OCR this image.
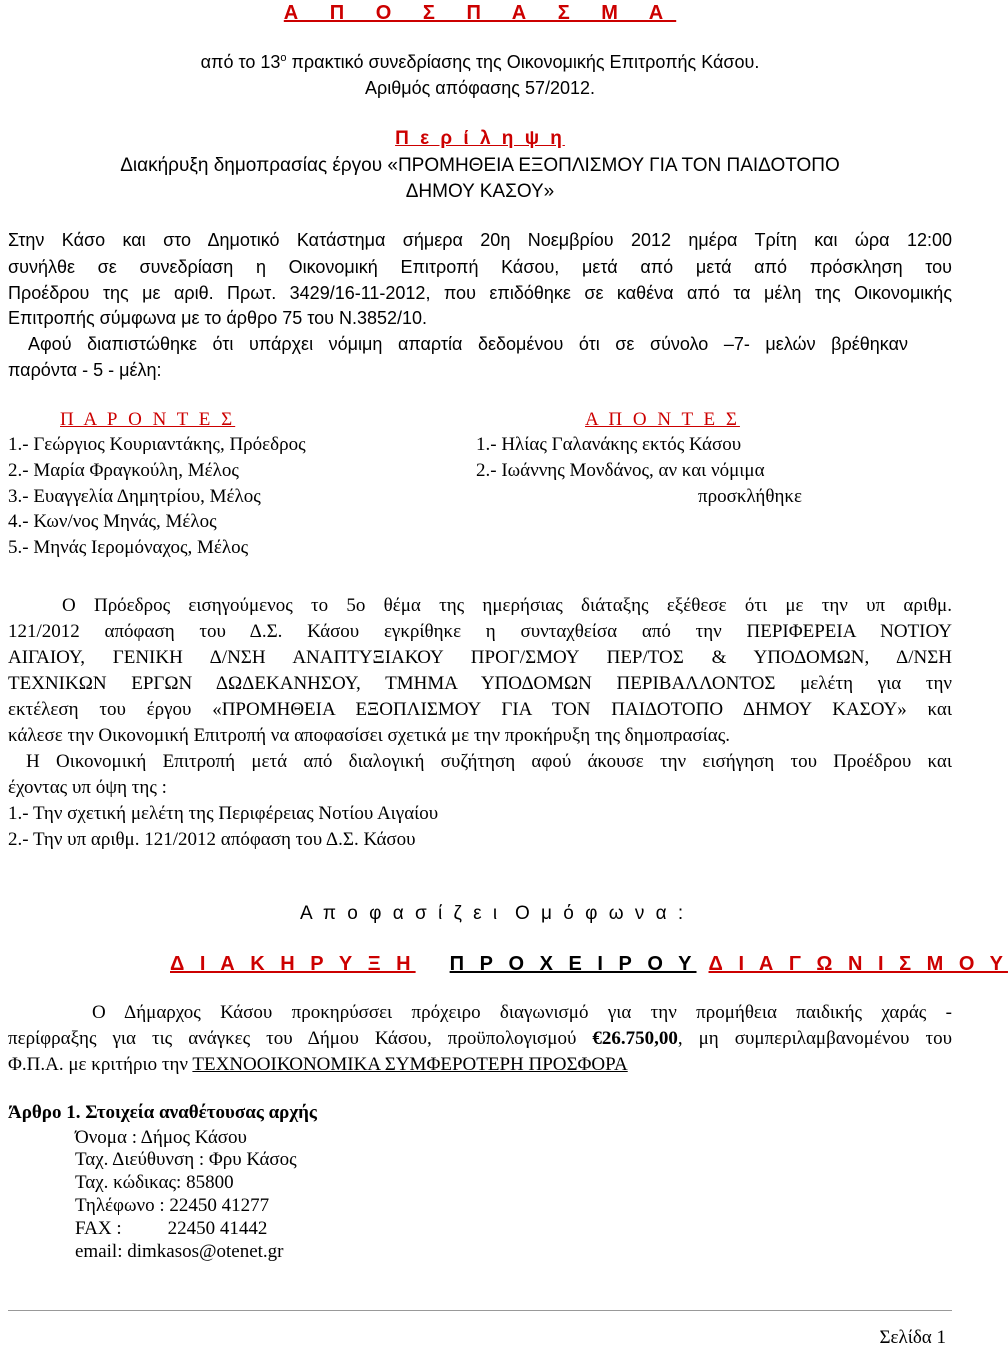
Α Π Ο Σ Π Α Σ Μ Α
από το $13^o$ πρακτικό συνεδρίασης της Οικονομικής Επιτροπής Κάσου.
Αριθμός απόφασης 57/2012.
Π ε ρ ί λ η ψ η
Διακήρυξη δημοπρασίας έργου «ΠΡΟΜΗΘΕΙΑ ΕΞΟΠΛΙΣΜΟΥ ΓΙΑ ΤΟΝ ΠΑΙΔΟΤΟΠΟ
ΔΗΜΟΥ ΚΑΣΟΥ»
Στην Κάσο και στο Δημοτικό Κατάστημα σήμερα 20η Νοεμβρίου 2012 ημέρα Τρίτη και ώρα 12:00
συνήλθε σε συνεδρίαση η Οικονομική Επιτροπή Κάσου, μετά από μετά από πρόσκληση του
Προέδρου της με αριθ. Πρωτ. 3429/16-11-2012, που επιδόθηκε σε καθένα από τα μέλη της Οικονομικής
Επιτροπής σύμφωνα με το άρθρο 75 του Ν.3852/10.
Αφού διαπιστώθηκε ότι υπάρχει νόμιμη απαρτία δεδομένου ότι σε σύνολο –7- μελών βρέθηκαν
παρόντα - 5 - μέλη:
Π Α Ρ Ο Ν Τ Ε Σ	Α Π Ο Ν Τ Ε Σ
1.- Γεώργιος Κουριαντάκης, Πρόεδρος
2.- Μαρία Φραγκούλη, Μέλος
3.- Ευαγγελία Δημητρίου, Μέλος
4.- Κων/νος Μηνάς, Μέλος
5.- Μηνάς Ιερομόναχος, Μέλος
1.- Ηλίας Γαλανάκης εκτός Κάσου
2.- Ιωάννης Μονδάνος, αν και νόμιμα
προσκλήθηκε
Ο Πρόεδρος εισηγούμενος το 5ο θέμα της ημερήσιας διάταξης εξέθεσε ότι με την υπ αριθμ.
121/2012 απόφαση του Δ.Σ. Κάσου εγκρίθηκε η συνταχθείσα από την ΠΕΡΙΦΕΡΕΙΑ ΝΟΤΙΟΥ
ΑΙΓΑΙΟΥ, ΓΕΝΙΚΗ Δ/ΝΣΗ ΑΝΑΠΤΥΞΙΑΚΟΥ ΠΡΟΓ/ΣΜΟΥ ΠΕΡ/ΤΟΣ & ΥΠΟΔΟΜΩΝ, Δ/ΝΣΗ
ΤΕΧΝΙΚΩΝ ΕΡΓΩΝ ΔΩΔΕΚΑΝΗΣΟΥ, ΤΜΗΜΑ ΥΠΟΔΟΜΩΝ ΠΕΡΙΒΑΛΛΟΝΤΟΣ μελέτη για την
εκτέλεση του έργου «ΠΡΟΜΗΘΕΙΑ ΕΞΟΠΛΙΣΜΟΥ ΓΙΑ ΤΟΝ ΠΑΙΔΟΤΟΠΟ ΔΗΜΟΥ ΚΑΣΟΥ» και
κάλεσε την Οικονομική Επιτροπή να αποφασίσει σχετικά με την προκήρυξη της δημοπρασίας.
Η Οικονομική Επιτροπή μετά από διαλογική συζήτηση αφού άκουσε την εισήγηση του Προέδρου και
έχοντας υπ όψη της :
1.- Την σχετική μελέτη της Περιφέρειας Νοτίου Αιγαίου
2.- Την υπ αριθμ. 121/2012 απόφαση του Δ.Σ. Κάσου
Α π ο φ α σ ί ζ ε ι Ο μ ό φ ω ν α :
Δ Ι Α Κ Η Ρ Υ Ξ Η Π Ρ Ο Χ Ε Ι Ρ Ο Υ Δ Ι Α Γ Ω Ν Ι Σ Μ Ο Υ
Ο Δήμαρχος Κάσου προκηρύσσει πρόχειρο διαγωνισμό για την προμήθεια παιδικής χαράς -
περίφραξης για τις ανάγκες του Δήμου Κάσου, προϋπολογισμού €26.750,00, μη συμπεριλαμβανομένου του
Φ.Π.Α. με κριτήριο την ΤΕΧΝΟΟΙΚΟΝΟΜΙΚΑ ΣΥΜΦΕΡΟΤΕΡΗ ΠΡΟΣΦΟΡΑ
Άρθρο 1. Στοιχεία αναθέτουσας αρχής
Όνομα : Δήμος Κάσου
Ταχ. Διεύθυνση : Φρυ Κάσος
Ταχ. κώδικας: 85800
Τηλέφωνο : 22450 41277
FAX : 22450 41442
email: dimkasos@otenet.gr
Σελίδα 1
